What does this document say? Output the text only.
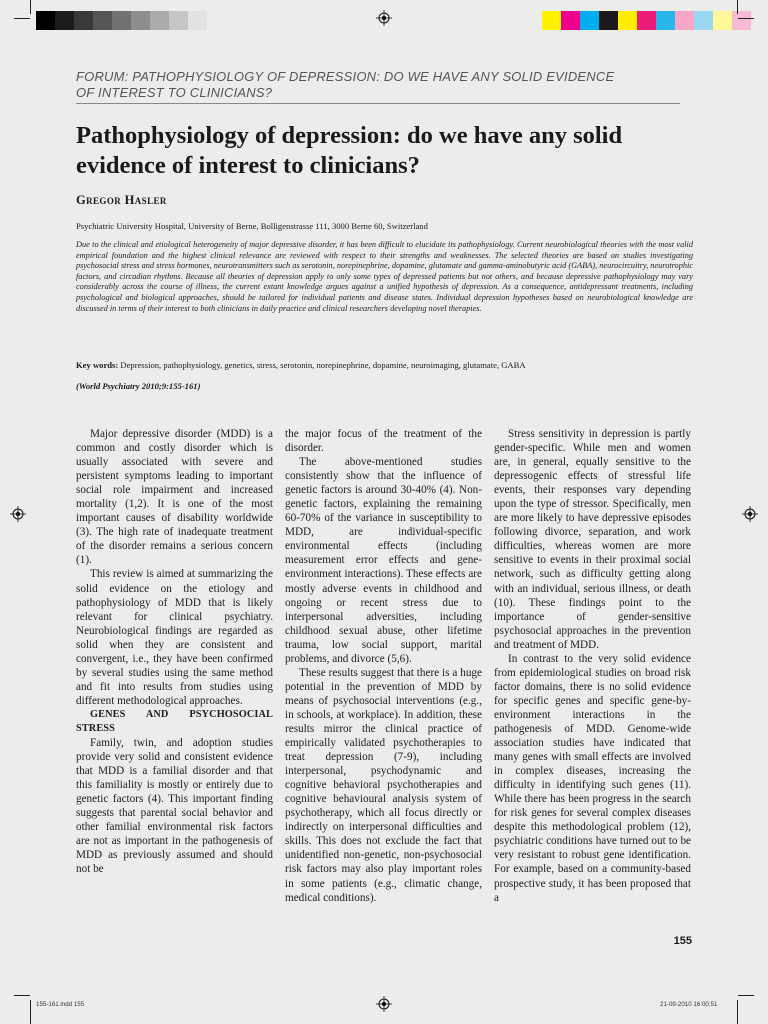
FORUM: PATHOPHYSIOLOGY OF DEPRESSION: DO WE HAVE ANY SOLID EVIDENCE
OF INTEREST TO CLINICIANS?
Pathophysiology of depression: do we have any solid
evidence of interest to clinicians?
Gregor Hasler
Psychiatric University Hospital, University of Berne, Bolligenstrasse 111, 3000 Berne 60, Switzerland
Due to the clinical and etiological heterogeneity of major depressive disorder, it has been difficult to elucidate its pathophysiology. Current neurobiological theories with the most valid empirical foundation and the highest clinical relevance are reviewed with respect to their strengths and weaknesses. The selected theories are based on studies investigating psychosocial stress and stress hormones, neurotransmitters such as serotonin, norepinephrine, dopamine, glutamate and gamma-aminobutyric acid (GABA), neurocircuitry, neurotrophic factors, and circadian rhythms. Because all theories of depression apply to only some types of depressed patients but not others, and because depressive pathophysiology may vary considerably across the course of illness, the current extant knowledge argues against a unified hypothesis of depression. As a consequence, antidepressant treatments, including psychological and biological approaches, should be tailored for individual patients and disease states. Individual depression hypotheses based on neurobiological knowledge are discussed in terms of their interest to both clinicians in daily practice and clinical researchers developing novel therapies.
Key words: Depression, pathophysiology, genetics, stress, serotonin, norepinephrine, dopamine, neuroimaging, glutamate, GABA
(World Psychiatry 2010;9:155-161)

Major depressive disorder (MDD) is a common and costly disorder which is usually associated with severe and persistent symptoms leading to important social role impairment and increased mortality (1,2). It is one of the most important causes of disability worldwide (3). The high rate of inadequate treatment of the disorder remains a serious concern (1).

This review is aimed at summarizing the solid evidence on the etiology and pathophysiology of MDD that is likely relevant for clinical psychiatry. Neurobiological findings are regarded as solid when they are consistent and convergent, i.e., they have been confirmed by several studies using the same method and fit into results from studies using different methodological approaches.

GENES AND PSYCHOSOCIAL STRESS

Family, twin, and adoption studies provide very solid and consistent evidence that MDD is a familial disorder and that this familiality is mostly or entirely due to genetic factors (4). This important finding suggests that parental social behavior and other familial environmental risk factors are not as important in the pathogenesis of MDD as previously assumed and should not be

the major focus of the treatment of the disorder.

The above-mentioned studies consistently show that the influence of genetic factors is around 30-40% (4). Non-genetic factors, explaining the remaining 60-70% of the variance in susceptibility to MDD, are individual-specific environmental effects (including measurement error effects and gene-environment interactions). These effects are mostly adverse events in childhood and ongoing or recent stress due to interpersonal adversities, including childhood sexual abuse, other lifetime trauma, low social support, marital problems, and divorce (5,6).

These results suggest that there is a huge potential in the prevention of MDD by means of psychosocial interventions (e.g., in schools, at workplace). In addition, these results mirror the clinical practice of empirically validated psychotherapies to treat depression (7-9), including interpersonal, psychodynamic and cognitive behavioral psychotherapies and cognitive behavioural analysis system of psychotherapy, which all focus directly or indirectly on interpersonal difficulties and skills. This does not exclude the fact that unidentified non-genetic, non-psychosocial risk factors may also play important roles in some patients (e.g., climatic change, medical conditions).

Stress sensitivity in depression is partly gender-specific. While men and women are, in general, equally sensitive to the depressogenic effects of stressful life events, their responses vary depending upon the type of stressor. Specifically, men are more likely to have depressive episodes following divorce, separation, and work difficulties, whereas women are more sensitive to events in their proximal social network, such as difficulty getting along with an individual, serious illness, or death (10). These findings point to the importance of gender-sensitive psychosocial approaches in the prevention and treatment of MDD.

In contrast to the very solid evidence from epidemiological studies on broad risk factor domains, there is no solid evidence for specific genes and specific gene-by-environment interactions in the pathogenesis of MDD. Genome-wide association studies have indicated that many genes with small effects are involved in complex diseases, increasing the difficulty in identifying such genes (11). While there has been progress in the search for risk genes for several complex diseases despite this methodological problem (12), psychiatric conditions have turned out to be very resistant to robust gene identification. For example, based on a community-based prospective study, it has been proposed that a

155
155-161.indd 155	21-09-2010 16:00:51
